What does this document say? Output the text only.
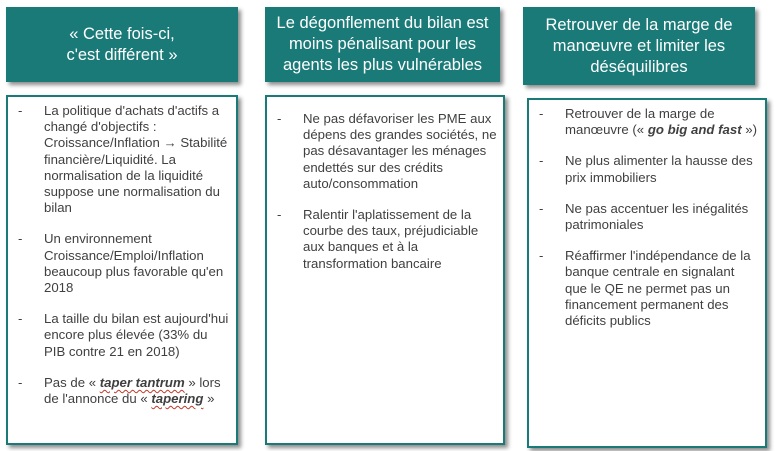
« Cette fois-ci,
c'est différent »
- La politique d'achats d'actifs a changé d'objectifs : Croissance/Inflation → Stabilité financière/Liquidité. La normalisation de la liquidité suppose une normalisation du bilan
- Un environnement Croissance/Emploi/Inflation beaucoup plus favorable qu'en 2018
- La taille du bilan est aujourd'hui encore plus élevée (33% du PIB contre 21 en 2018)
- Pas de « taper tantrum » lors de l'annonce du « tapering »
Le dégonflement du bilan est
moins pénalisant pour les
agents les plus vulnérables
- Ne pas défavoriser les PME aux dépens des grandes sociétés, ne pas désavantager les ménages endettés sur des crédits auto/consommation
- Ralentir l'aplatissement de la courbe des taux, préjudiciable aux banques et à la transformation bancaire
Retrouver de la marge de
manœuvre et limiter les
déséquilibres
- Retrouver de la marge de manœuvre (« go big and fast »)
- Ne plus alimenter la hausse des prix immobiliers
- Ne pas accentuer les inégalités patrimoniales
- Réaffirmer l'indépendance de la banque centrale en signalant que le QE ne permet pas un financement permanent des déficits publics
